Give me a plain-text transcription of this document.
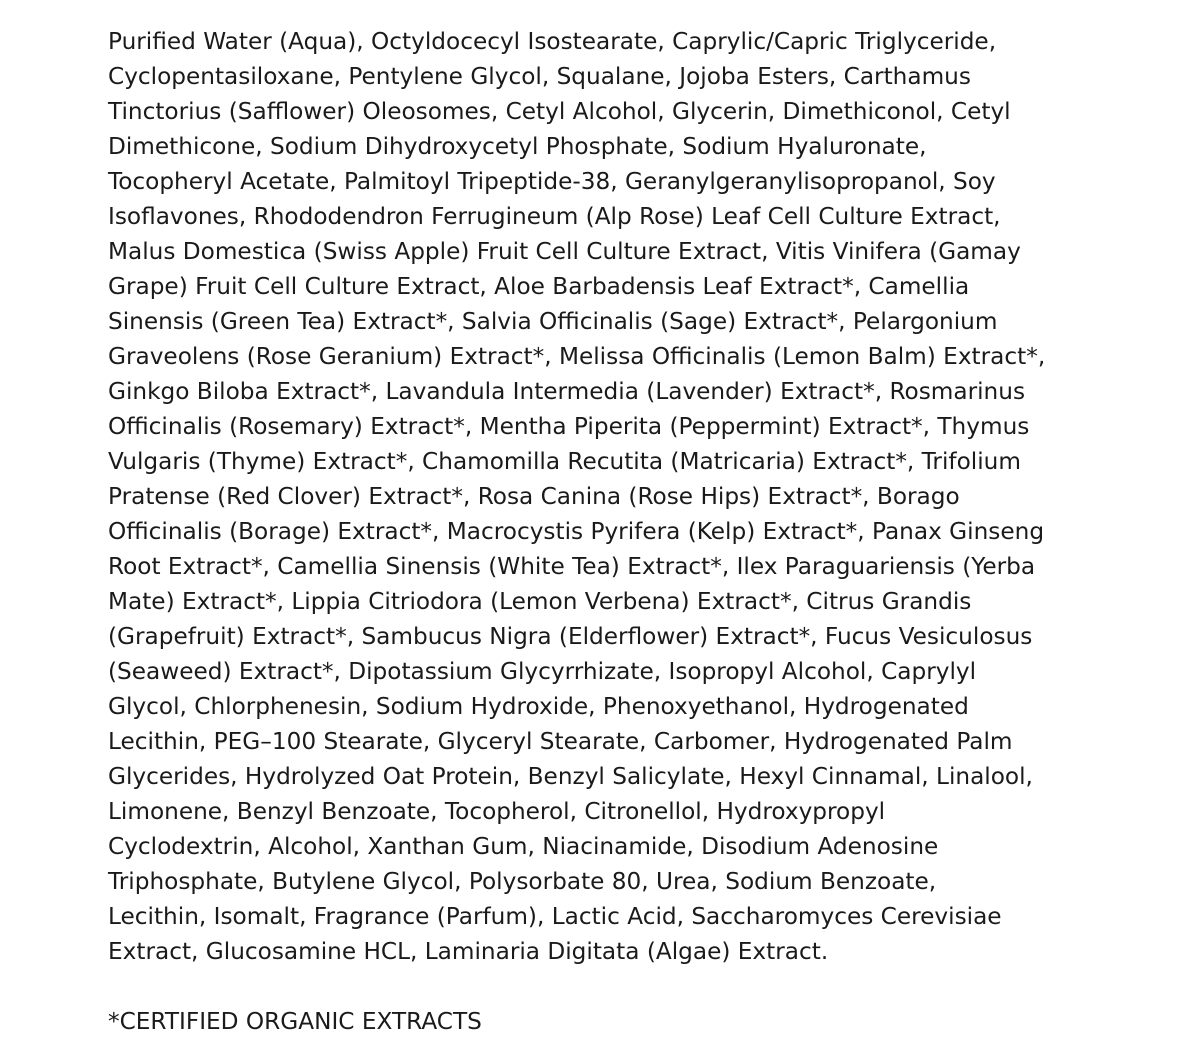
Purified Water (Aqua), Octyldocecyl Isostearate, Caprylic/Capric Triglyceride,
Cyclopentasiloxane, Pentylene Glycol, Squalane, Jojoba Esters, Carthamus
Tinctorius (Safflower) Oleosomes, Cetyl Alcohol, Glycerin, Dimethiconol, Cetyl
Dimethicone, Sodium Dihydroxycetyl Phosphate, Sodium Hyaluronate,
Tocopheryl Acetate, Palmitoyl Tripeptide-38, Geranylgeranylisopropanol, Soy
Isoflavones, Rhododendron Ferrugineum (Alp Rose) Leaf Cell Culture Extract,
Malus Domestica (Swiss Apple) Fruit Cell Culture Extract, Vitis Vinifera (Gamay
Grape) Fruit Cell Culture Extract, Aloe Barbadensis Leaf Extract*, Camellia
Sinensis (Green Tea) Extract*, Salvia Officinalis (Sage) Extract*, Pelargonium
Graveolens (Rose Geranium) Extract*, Melissa Officinalis (Lemon Balm) Extract*,
Ginkgo Biloba Extract*, Lavandula Intermedia (Lavender) Extract*, Rosmarinus
Officinalis (Rosemary) Extract*, Mentha Piperita (Peppermint) Extract*, Thymus
Vulgaris (Thyme) Extract*, Chamomilla Recutita (Matricaria) Extract*, Trifolium
Pratense (Red Clover) Extract*, Rosa Canina (Rose Hips) Extract*, Borago
Officinalis (Borage) Extract*, Macrocystis Pyrifera (Kelp) Extract*, Panax Ginseng
Root Extract*, Camellia Sinensis (White Tea) Extract*, Ilex Paraguariensis (Yerba
Mate) Extract*, Lippia Citriodora (Lemon Verbena) Extract*, Citrus Grandis
(Grapefruit) Extract*, Sambucus Nigra (Elderflower) Extract*, Fucus Vesiculosus
(Seaweed) Extract*, Dipotassium Glycyrrhizate, Isopropyl Alcohol, Caprylyl
Glycol, Chlorphenesin, Sodium Hydroxide, Phenoxyethanol, Hydrogenated
Lecithin, PEG–100 Stearate, Glyceryl Stearate, Carbomer, Hydrogenated Palm
Glycerides, Hydrolyzed Oat Protein, Benzyl Salicylate, Hexyl Cinnamal, Linalool,
Limonene, Benzyl Benzoate, Tocopherol, Citronellol, Hydroxypropyl
Cyclodextrin, Alcohol, Xanthan Gum, Niacinamide, Disodium Adenosine
Triphosphate, Butylene Glycol, Polysorbate 80, Urea, Sodium Benzoate,
Lecithin, Isomalt, Fragrance (Parfum), Lactic Acid, Saccharomyces Cerevisiae
Extract, Glucosamine HCL, Laminaria Digitata (Algae) Extract.
*CERTIFIED ORGANIC EXTRACTS
